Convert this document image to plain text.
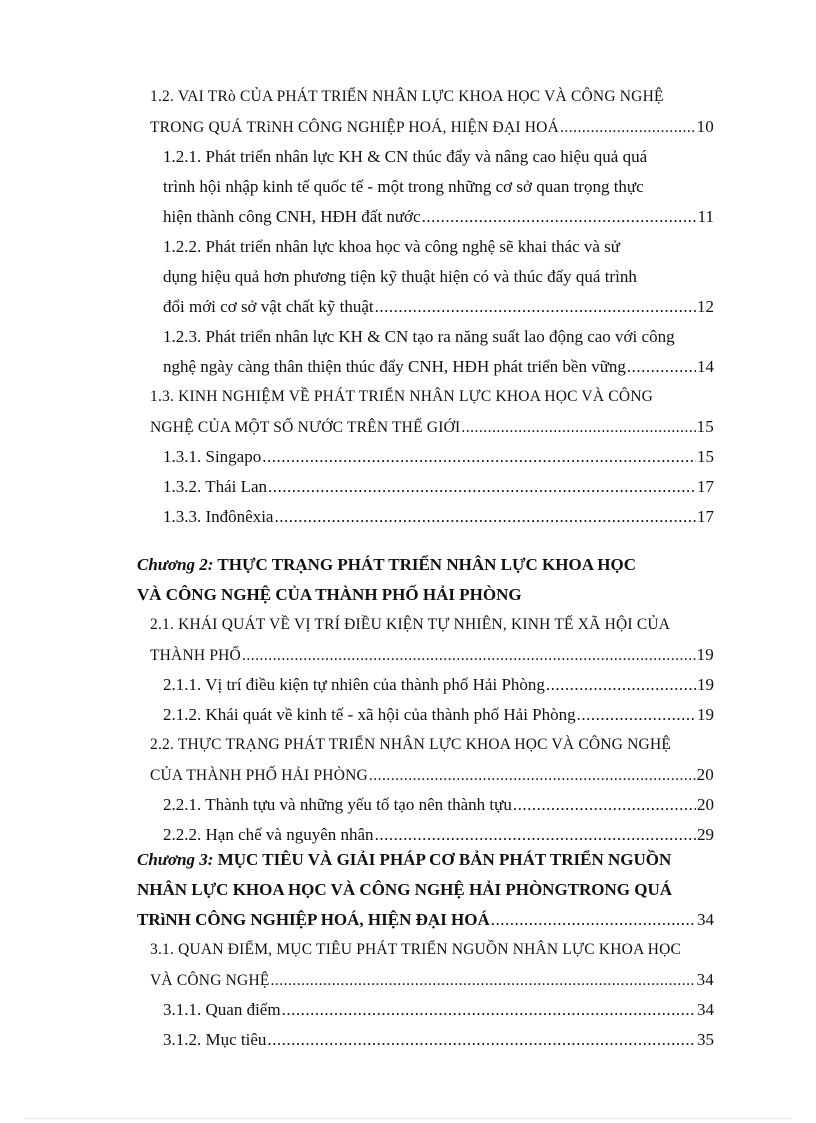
1.2. VAI TRò CỦA PHÁT TRIỂN NHÂN LỰC KHOA HỌC VÀ CÔNG NGHỆ
TRONG QUÁ TRìNH CÔNG NGHIỆP HOÁ, HIỆN ĐẠI HOÁ .....	10
1.2.1. Phát triển nhân lực KH & CN thúc đẩy và nâng cao hiệu quả quá
trình hội nhập kinh tế quốc tế - một trong những cơ sở quan trọng thực
hiện thành công CNH, HĐH đất nước .....	11
1.2.2. Phát triển nhân lực khoa học và công nghệ sẽ khai thác và sử
dụng hiệu quả hơn phương tiện kỹ thuật hiện có và thúc đẩy quá trình
đổi mới cơ sở vật chất kỹ thuật .....	12
1.2.3. Phát triển nhân lực KH & CN tạo ra năng suất lao động cao với công
nghệ ngày càng thân thiện thúc đẩy CNH, HĐH phát triển bền vững .....	14
1.3. KINH NGHIỆM VỀ PHÁT TRIỂN NHÂN LỰC KHOA HỌC VÀ CÔNG
NGHỆ CỦA MỘT SỐ NƯỚC TRÊN THẾ GIỚI .....	15
1.3.1. Singapo .....	15
1.3.2. Thái Lan .....	17
1.3.3. Inđônêxia .....	17
Chương 2: THỰC TRẠNG PHÁT TRIỂN NHÂN LỰC KHOA HỌC
VÀ CÔNG NGHỆ CỦA THÀNH PHỐ HẢI PHÒNG
2.1. KHÁI QUÁT VỀ VỊ TRÍ ĐIỀU KIỆN TỰ NHIÊN, KINH TẾ XÃ HỘI CỦA
THÀNH PHỐ .....	19
2.1.1. Vị trí điều kiện tự nhiên của thành phố Hải Phòng .....	19
2.1.2. Khái quát về kinh tế - xã hội của thành phố Hải Phòng .....	19
2.2. THỰC TRẠNG PHÁT TRIỂN NHÂN LỰC KHOA HỌC VÀ CÔNG NGHỆ
CỦA THÀNH PHỐ HẢI PHÒNG .....	20
2.2.1. Thành tựu và những yếu tố tạo nên thành tựu .....	20
2.2.2. Hạn chế và nguyên nhân .....	29
Chương 3: MỤC TIÊU VÀ GIẢI PHÁP CƠ BẢN PHÁT TRIỂN NGUỒN
NHÂN LỰC KHOA HỌC VÀ CÔNG NGHỆ HẢI PHÒNGTRONG QUÁ
TRìNH CÔNG NGHIỆP HOÁ, HIỆN ĐẠI HOÁ .....	34
3.1. QUAN ĐIỂM, MỤC TIÊU PHÁT TRIỂN NGUỒN NHÂN LỰC KHOA HỌC
VÀ CÔNG NGHỆ .....	34
3.1.1. Quan điểm .....	34
3.1.2. Mục tiêu .....	35
